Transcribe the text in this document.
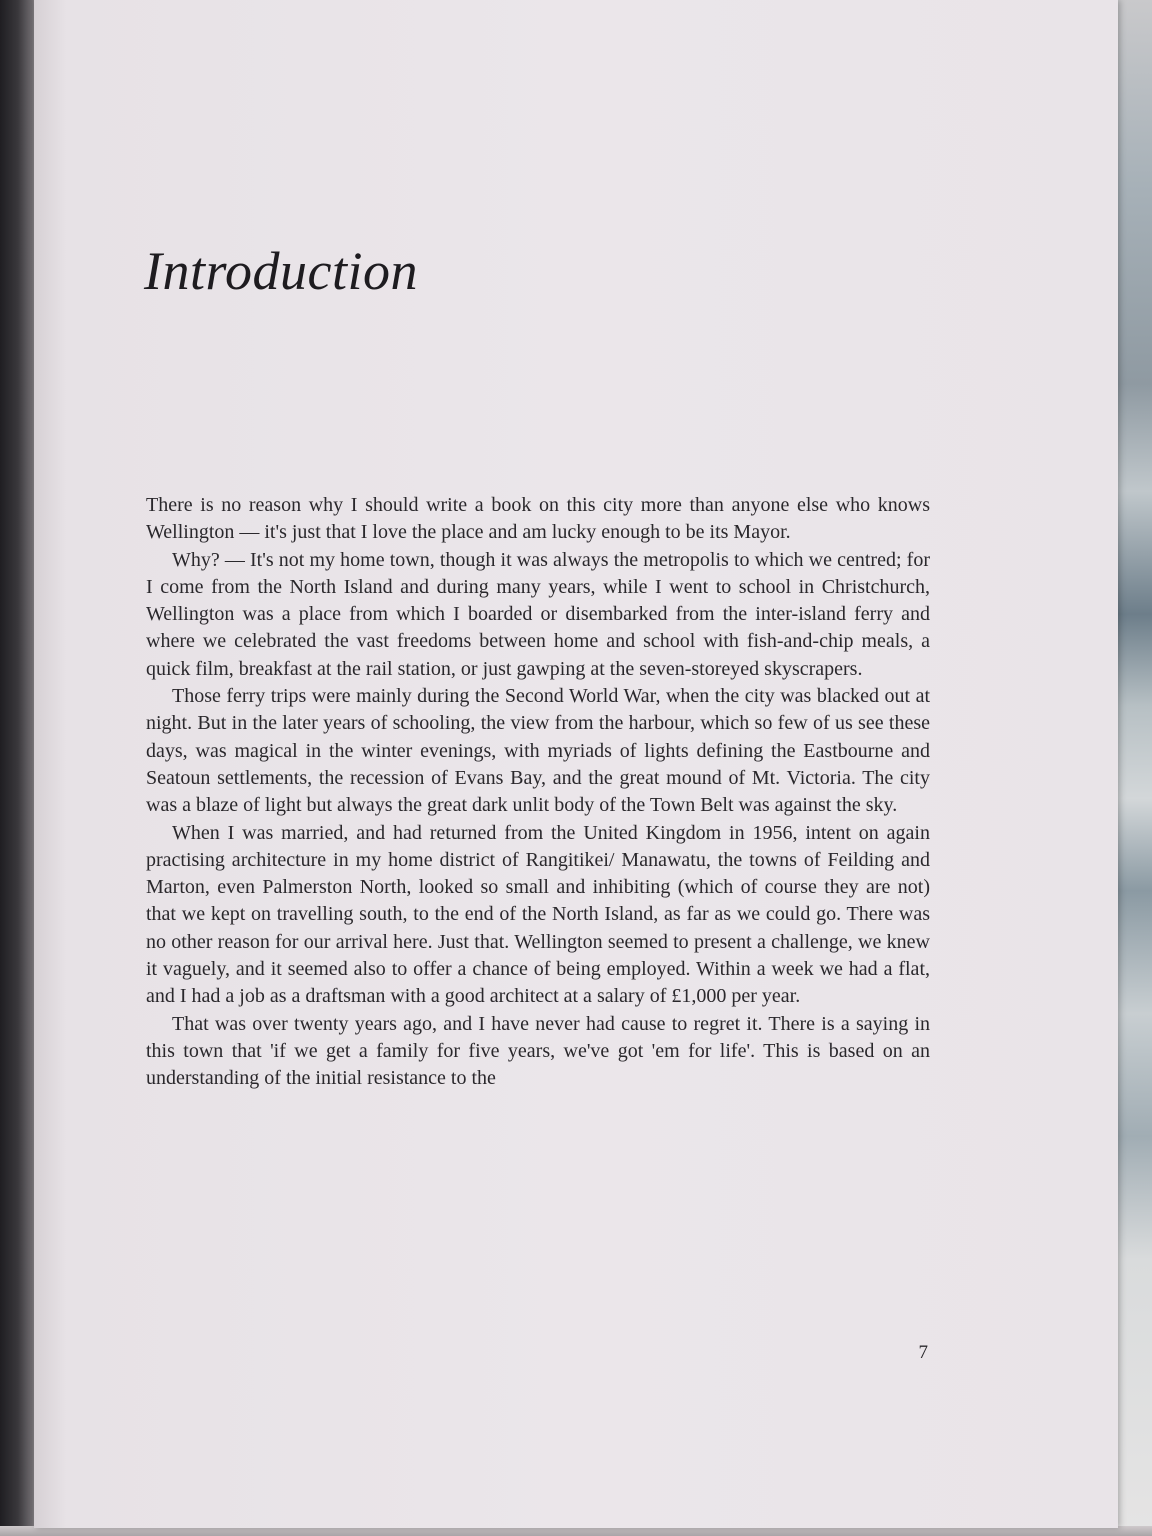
Introduction

There is no reason why I should write a book on this city more than anyone else who knows Wellington — it's just that I love the place and am lucky enough to be its Mayor.

Why? — It's not my home town, though it was always the metropolis to which we centred; for I come from the North Island and during many years, while I went to school in Christchurch, Wellington was a place from which I boarded or disembarked from the inter-island ferry and where we celebrated the vast freedoms between home and school with fish-and-chip meals, a quick film, breakfast at the rail station, or just gawping at the seven-storeyed skyscrapers.

Those ferry trips were mainly during the Second World War, when the city was blacked out at night. But in the later years of schooling, the view from the harbour, which so few of us see these days, was magical in the winter evenings, with myriads of lights defining the Eastbourne and Seatoun settlements, the recession of Evans Bay, and the great mound of Mt. Victoria. The city was a blaze of light but always the great dark unlit body of the Town Belt was against the sky.

When I was married, and had returned from the United Kingdom in 1956, intent on again practising architecture in my home district of Rangitikei/ Manawatu, the towns of Feilding and Marton, even Palmerston North, looked so small and inhibiting (which of course they are not) that we kept on travelling south, to the end of the North Island, as far as we could go. There was no other reason for our arrival here. Just that. Wellington seemed to present a challenge, we knew it vaguely, and it seemed also to offer a chance of being employed. Within a week we had a flat, and I had a job as a draftsman with a good architect at a salary of £1,000 per year.

That was over twenty years ago, and I have never had cause to regret it. There is a saying in this town that 'if we get a family for five years, we've got 'em for life'. This is based on an understanding of the initial resistance to the

7
